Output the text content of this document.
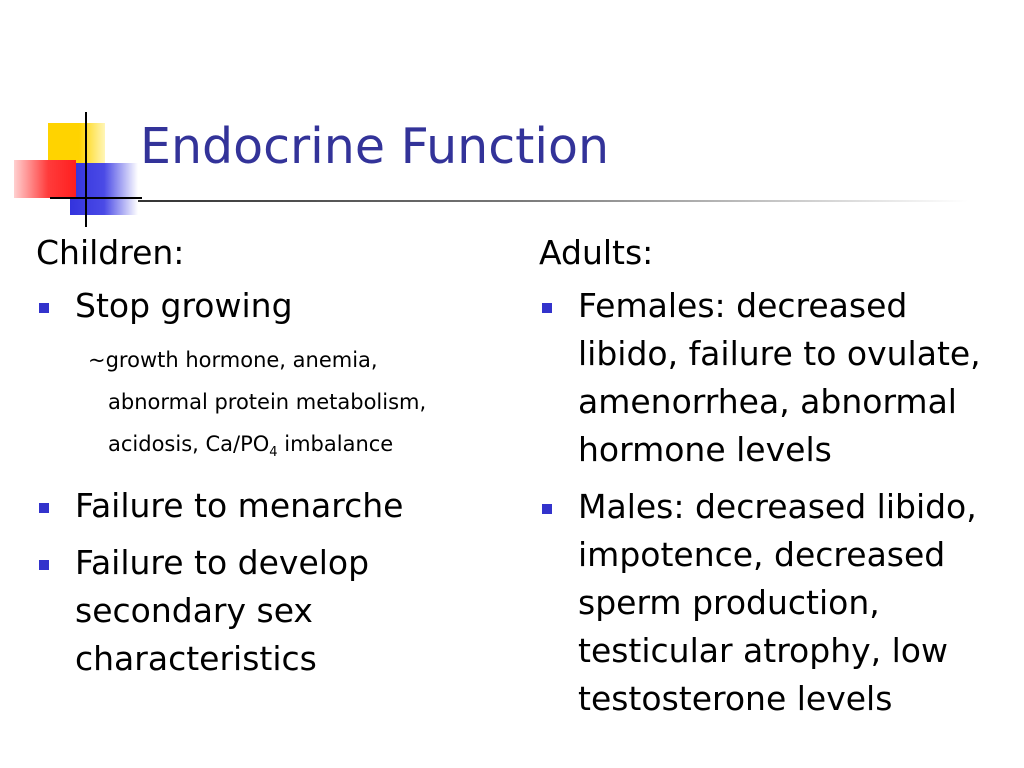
Endocrine Function
Children:
Stop growing
~growth hormone, anemia,
abnormal protein metabolism,
acidosis, $Ca/PO_4$ imbalance
Failure to menarche
Failure to develop
secondary sex
characteristics
Adults:
Females: decreased
libido, failure to ovulate,
amenorrhea, abnormal
hormone levels
Males: decreased libido,
impotence, decreased
sperm production,
testicular atrophy, low
testosterone levels
